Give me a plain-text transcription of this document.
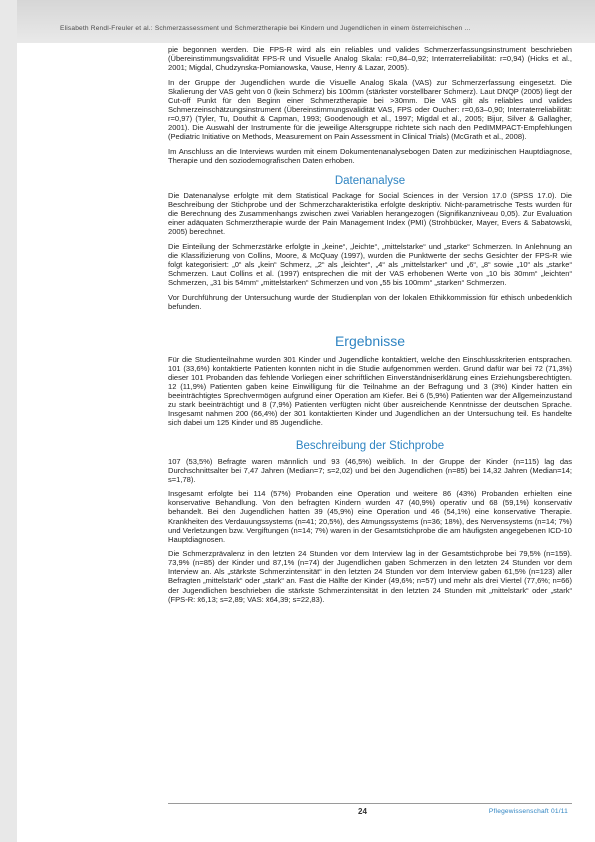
Elisabeth Rendl-Freuler et al.: Schmerzassessment und Schmerztherapie bei Kindern und Jugendlichen in einem österreichischen ...

pie begonnen werden. Die FPS-R wird als ein reliables und valides Schmerzerfassungsinstrument beschrieben (Übereinstimmungsvalidität FPS-R und Visuelle Analog Skala: r=0,84–0,92; Interraterreliabilität: r=0,94) (Hicks et al., 2001; Migdal, Chudzynska-Pomianowska, Vause, Henry & Lazar, 2005).

In der Gruppe der Jugendlichen wurde die Visuelle Analog Skala (VAS) zur Schmerzerfassung eingesetzt. Die Skalierung der VAS geht von 0 (kein Schmerz) bis 100mm (stärkster vorstellbarer Schmerz). Laut DNQP (2005) liegt der Cut-off Punkt für den Beginn einer Schmerztherapie bei >30mm. Die VAS gilt als reliables und valides Schmerzeinschätzungsinstrument (Übereinstimmungsvalidität VAS, FPS oder Oucher: r=0,63–0,90; Interraterreliabilität: r=0,97) (Tyler, Tu, Douthit & Capman, 1993; Goodenough et al., 1997; Migdal et al., 2005; Bijur, Silver & Gallagher, 2001). Die Auswahl der Instrumente für die jeweilige Altersgruppe richtete sich nach den PedIMMPACT-Empfehlungen (Pediatric Initiative on Methods, Measurement on Pain Assessment in Clinical Trials) (McGrath et al., 2008).

Im Anschluss an die Interviews wurden mit einem Dokumentenanalysebogen Daten zur medizinischen Hauptdiagnose, Therapie und den soziodemografischen Daten erhoben.

Datenanalyse

Die Datenanalyse erfolgte mit dem Statistical Package for Social Sciences in der Version 17.0 (SPSS 17.0). Die Beschreibung der Stichprobe und der Schmerzcharakteristika erfolgte deskriptiv. Nicht-parametrische Tests wurden für die Berechnung des Zusammenhangs zwischen zwei Variablen herangezogen (Signifikanzniveau 0,05). Zur Evaluation einer adäquaten Schmerztherapie wurde der Pain Management Index (PMI) (Strohbücker, Mayer, Evers & Sabatowski, 2005) berechnet.

Die Einteilung der Schmerzstärke erfolgte in „keine“, „leichte“, „mittelstarke“ und „starke“ Schmerzen. In Anlehnung an die Klassifizierung von Collins, Moore, & McQuay (1997), wurden die Punktwerte der sechs Gesichter der FPS-R wie folgt kategorisiert: „0“ als „kein“ Schmerz, „2“ als „leichter“, „4“ als „mittelstarker“ und „6“, „8“ sowie „10“ als „starke“ Schmerzen. Laut Collins et al. (1997) entsprechen die mit der VAS erhobenen Werte von „10 bis 30mm“ „leichten“ Schmerzen, „31 bis 54mm“ „mittelstarken“ Schmerzen und von „55 bis 100mm“ „starken“ Schmerzen.

Vor Durchführung der Untersuchung wurde der Studienplan von der lokalen Ethikkommission für ethisch unbedenklich befunden.

Ergebnisse

Für die Studienteilnahme wurden 301 Kinder und Jugendliche kontaktiert, welche den Einschlusskriterien entsprachen. 101 (33,6%) kontaktierte Patienten konnten nicht in die Studie aufgenommen werden. Grund dafür war bei 72 (71,3%) dieser 101 Probanden das fehlende Vorliegen einer schriftlichen Einverständniserklärung eines Erziehungsberechtigten. 12 (11,9%) Patienten gaben keine Einwilligung für die Teilnahme an der Befragung und 3 (3%) Kinder hatten ein beeinträchtigtes Sprechvermögen aufgrund einer Operation am Kiefer. Bei 6 (5,9%) Patienten war der Allgemeinzustand zu stark beeinträchtigt und 8 (7,9%) Patienten verfügten nicht über ausreichende Kenntnisse der deutschen Sprache. Insgesamt nahmen 200 (66,4%) der 301 kontaktierten Kinder und Jugendlichen an der Untersuchung teil. Es handelte sich dabei um 125 Kinder und 85 Jugendliche.

Beschreibung der Stichprobe

107 (53,5%) Befragte waren männlich und 93 (46,5%) weiblich. In der Gruppe der Kinder (n=115) lag das Durchschnittsalter bei 7,47 Jahren (Median=7; s=2,02) und bei den Jugendlichen (n=85) bei 14,32 Jahren (Median=14; s=1,78).

Insgesamt erfolgte bei 114 (57%) Probanden eine Operation und weitere 86 (43%) Probanden erhielten eine konservative Behandlung. Von den befragten Kindern wurden 47 (40,9%) operativ und 68 (59,1%) konservativ behandelt. Bei den Jugendlichen hatten 39 (45,9%) eine Operation und 46 (54,1%) eine konservative Therapie. Krankheiten des Verdauungssystems (n=41; 20,5%), des Atmungssystems (n=36; 18%), des Nervensystems (n=14; 7%) und Verletzungen bzw. Vergiftungen (n=14; 7%) waren in der Gesamtstichprobe die am häufigsten angegebenen ICD-10 Hauptdiagnosen.

Die Schmerzprävalenz in den letzten 24 Stunden vor dem Interview lag in der Gesamtstichprobe bei 79,5% (n=159). 73,9% (n=85) der Kinder und 87,1% (n=74) der Jugendlichen gaben Schmerzen in den letzten 24 Stunden vor dem Interview an. Als „stärkste Schmerzintensität“ in den letzten 24 Stunden vor dem Interview gaben 61,5% (n=123) aller Befragten „mittelstark“ oder „stark“ an. Fast die Hälfte der Kinder (49,6%; n=57) und mehr als drei Viertel (77,6%; n=66) der Jugendlichen beschrieben die stärkste Schmerzintensität in den letzten 24 Stunden mit „mittelstark“ oder „stark“ (FPS-R: x̄6,13; s=2,89; VAS: x̄64,39; s=22,83).

24	Pflegewissenschaft 01/11
